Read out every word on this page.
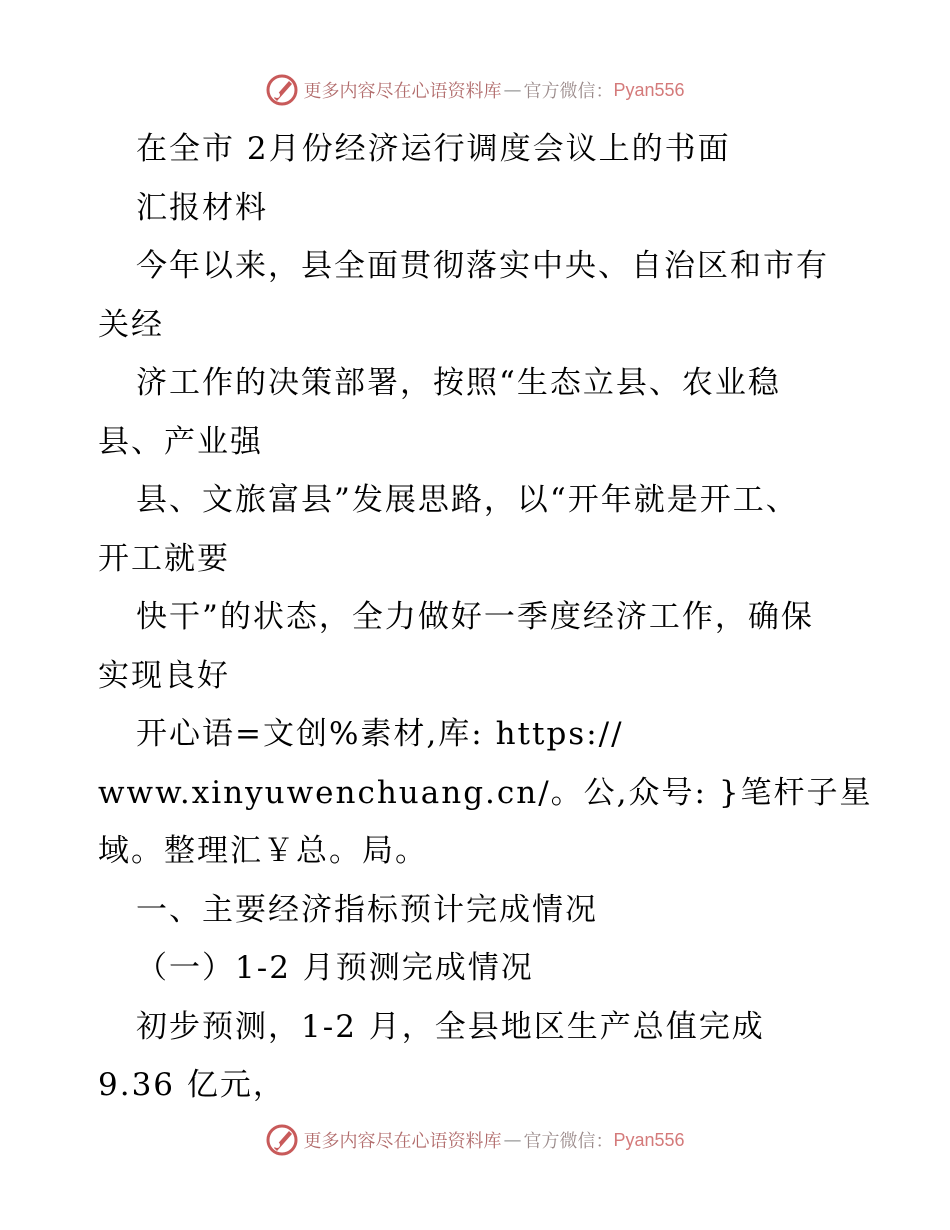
更多内容尽在心语资料库 — 官方微信： Pyan556
在全市 2月份经济运行调度会议上的书面
汇报材料
今年以来，县全面贯彻落实中央、自治区和市有
关经
济工作的决策部署，按照“生态立县、农业稳
县、产业强
县、文旅富县”发展思路，以“开年就是开工、
开工就要
快干”的状态，全力做好一季度经济工作，确保
实现良好
开心语=文创%素材,库: https://
www.xinyuwenchuang.cn/。公,众号: }笔杆子星
域。整理汇￥总。局。
一、主要经济指标预计完成情况
（一）1-2 月预测完成情况
初步预测，1-2 月，全县地区生产总值完成
9.36 亿元，
更多内容尽在心语资料库 — 官方微信： Pyan556
